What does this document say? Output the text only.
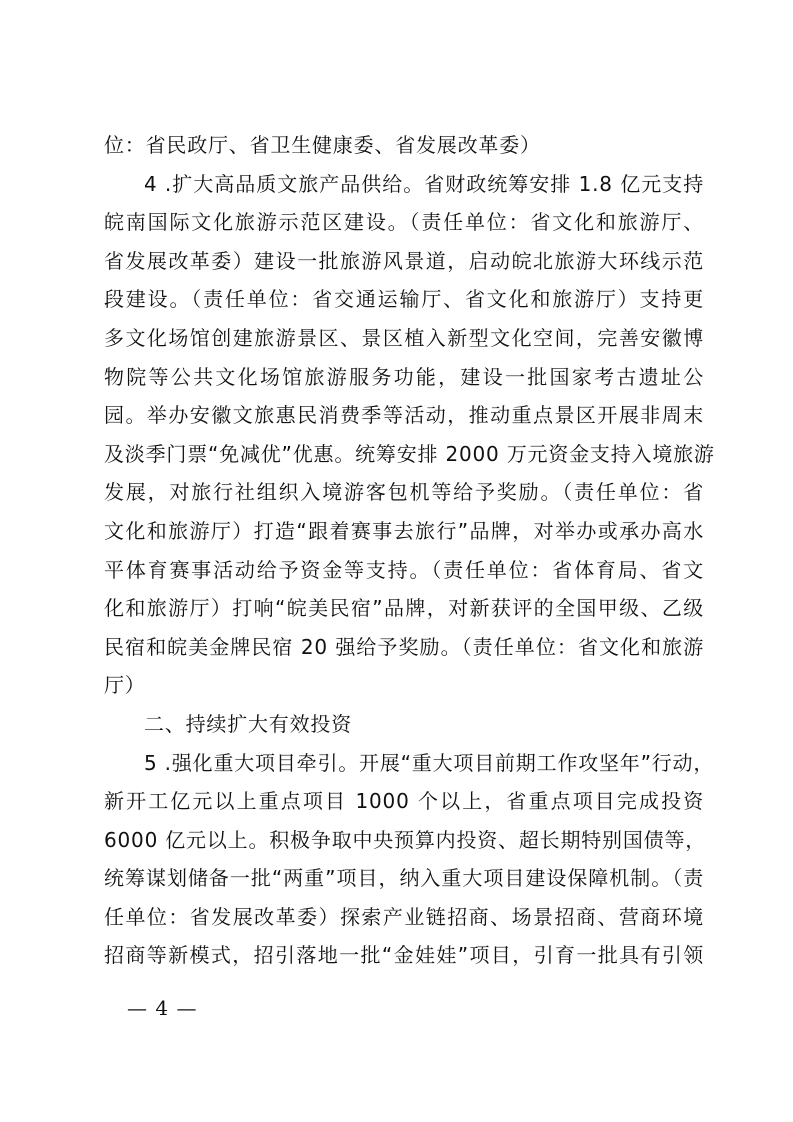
位：省民政厅、省卫生健康委、省发展改革委）
4 .扩大高品质文旅产品供给。省财政统筹安排 1.8 亿元支持
皖南国际文化旅游示范区建设。（责任单位：省文化和旅游厅、
省发展改革委）建设一批旅游风景道，启动皖北旅游大环线示范
段建设。（责任单位：省交通运输厅、省文化和旅游厅）支持更
多文化场馆创建旅游景区、景区植入新型文化空间，完善安徽博
物院等公共文化场馆旅游服务功能，建设一批国家考古遗址公
园。举办安徽文旅惠民消费季等活动，推动重点景区开展非周末
及淡季门票“免减优”优惠。统筹安排 2000 万元资金支持入境旅游
发展，对旅行社组织入境游客包机等给予奖励。（责任单位：省
文化和旅游厅）打造“跟着赛事去旅行”品牌，对举办或承办高水
平体育赛事活动给予资金等支持。（责任单位：省体育局、省文
化和旅游厅）打响“皖美民宿”品牌，对新获评的全国甲级、乙级
民宿和皖美金牌民宿 20 强给予奖励。（责任单位：省文化和旅游
厅）
二、持续扩大有效投资
5 .强化重大项目牵引。开展“重大项目前期工作攻坚年”行动，
新开工亿元以上重点项目 1000 个以上，省重点项目完成投资
6000 亿元以上。积极争取中央预算内投资、超长期特别国债等，
统筹谋划储备一批“两重”项目，纳入重大项目建设保障机制。（责
任单位：省发展改革委）探索产业链招商、场景招商、营商环境
招商等新模式，招引落地一批“金娃娃”项目，引育一批具有引领
— 4 —
